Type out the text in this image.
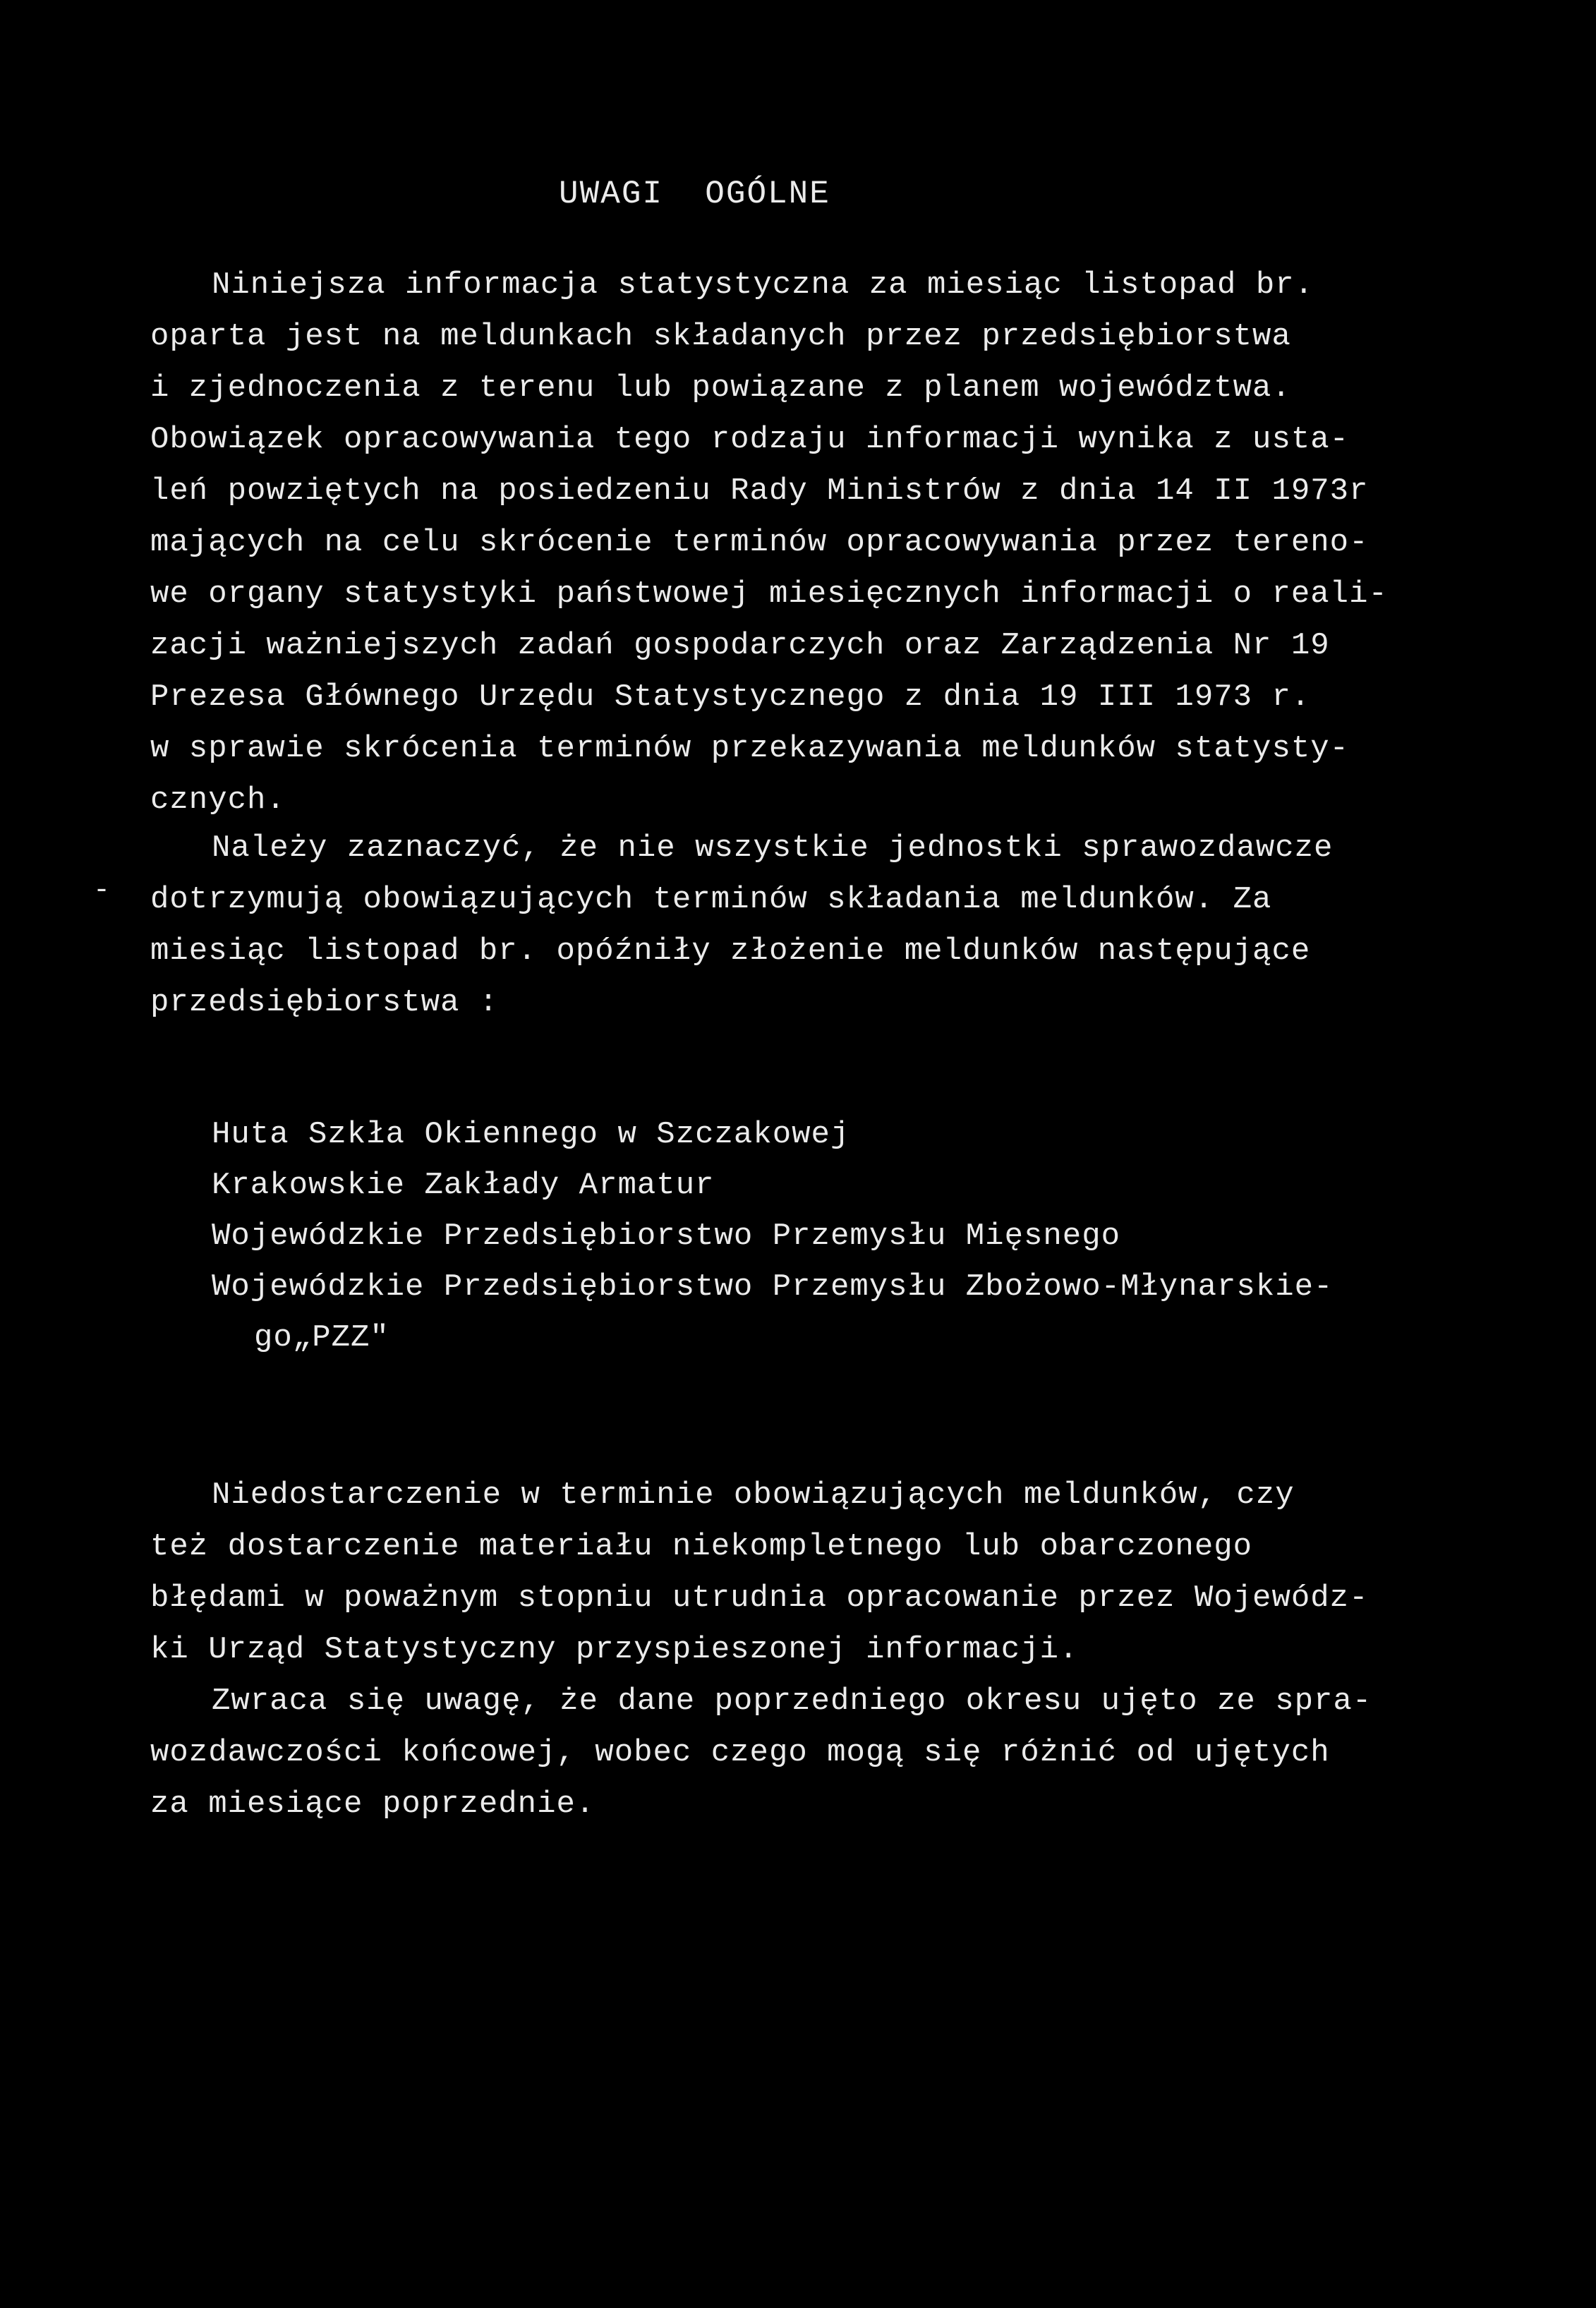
UWAGI  OGÓLNE
-
Niniejsza informacja statystyczna za miesiąc listopad br.
oparta jest na meldunkach składanych przez przedsiębiorstwa
i zjednoczenia z terenu lub powiązane z planem województwa.
Obowiązek opracowywania tego rodzaju informacji wynika z usta-
leń powziętych na posiedzeniu Rady Ministrów z dnia 14 II 1973r
mających na celu skrócenie terminów opracowywania przez tereno-
we organy statystyki państwowej miesięcznych informacji o reali-
zacji ważniejszych zadań gospodarczych oraz Zarządzenia Nr 19
Prezesa Głównego Urzędu Statystycznego z dnia 19 III 1973 r.
w sprawie skrócenia terminów przekazywania meldunków statysty-
cznych.
Należy zaznaczyć, że nie wszystkie jednostki sprawozdawcze
dotrzymują obowiązujących terminów składania meldunków. Za
miesiąc listopad br. opóźniły złożenie meldunków następujące
przedsiębiorstwa :
Huta Szkła Okiennego w Szczakowej
Krakowskie Zakłady Armatur
Wojewódzkie Przedsiębiorstwo Przemysłu Mięsnego
Wojewódzkie Przedsiębiorstwo Przemysłu Zbożowo-Młynarskie-
go„PZZ"
Niedostarczenie w terminie obowiązujących meldunków, czy
też dostarczenie materiału niekompletnego lub obarczonego
błędami w poważnym stopniu utrudnia opracowanie przez Wojewódz-
ki Urząd Statystyczny przyspieszonej informacji.
Zwraca się uwagę, że dane poprzedniego okresu ujęto ze spra-
wozdawczości końcowej, wobec czego mogą się różnić od ujętych
za miesiące poprzednie.
